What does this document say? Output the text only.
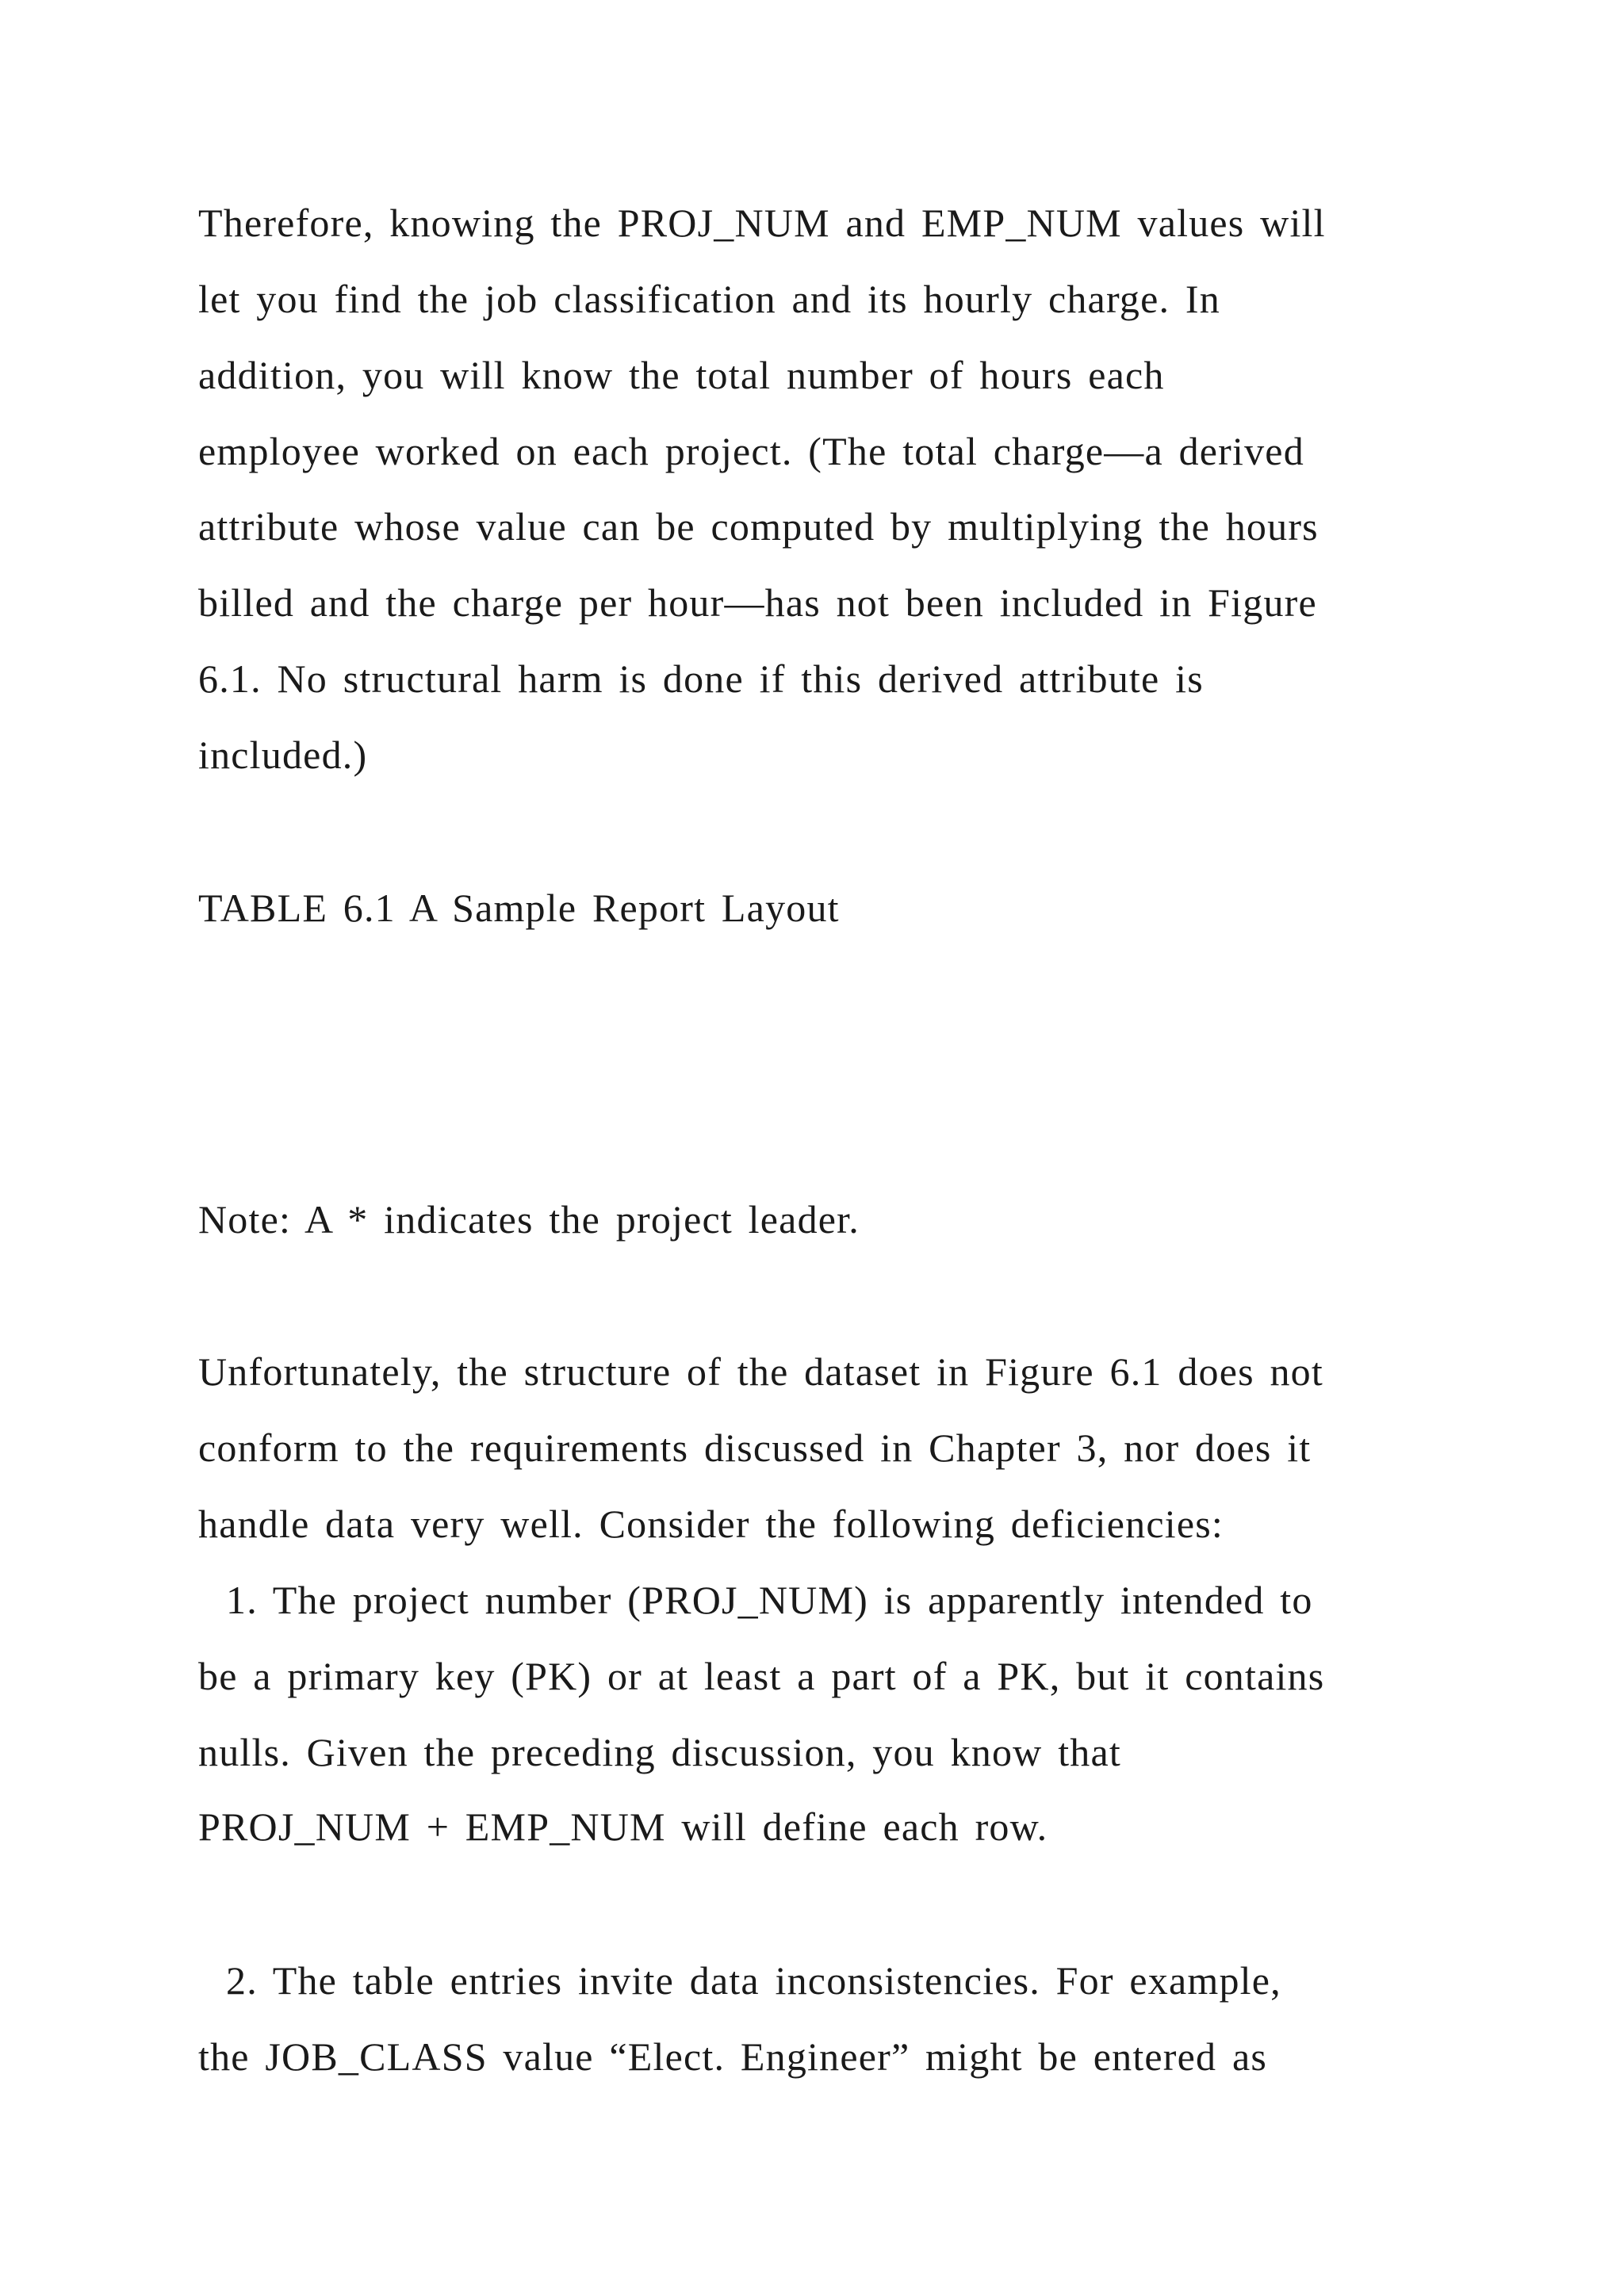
Therefore, knowing the PROJ_NUM and EMP_NUM values will
let you find the job classification and its hourly charge. In
addition, you will know the total number of hours each
employee worked on each project. (The total charge—a derived
attribute whose value can be computed by multiplying the hours
billed and the charge per hour—has not been included in Figure
6.1. No structural harm is done if this derived attribute is
included.)
TABLE 6.1 A Sample Report Layout
Note: A * indicates the project leader.
Unfortunately, the structure of the dataset in Figure 6.1 does not
conform to the requirements discussed in Chapter 3, nor does it
handle data very well. Consider the following deficiencies:
1. The project number (PROJ_NUM) is apparently intended to
be a primary key (PK) or at least a part of a PK, but it contains
nulls. Given the preceding discussion, you know that
PROJ_NUM + EMP_NUM will define each row.
2. The table entries invite data inconsistencies. For example,
the JOB_CLASS value “Elect. Engineer” might be entered as
